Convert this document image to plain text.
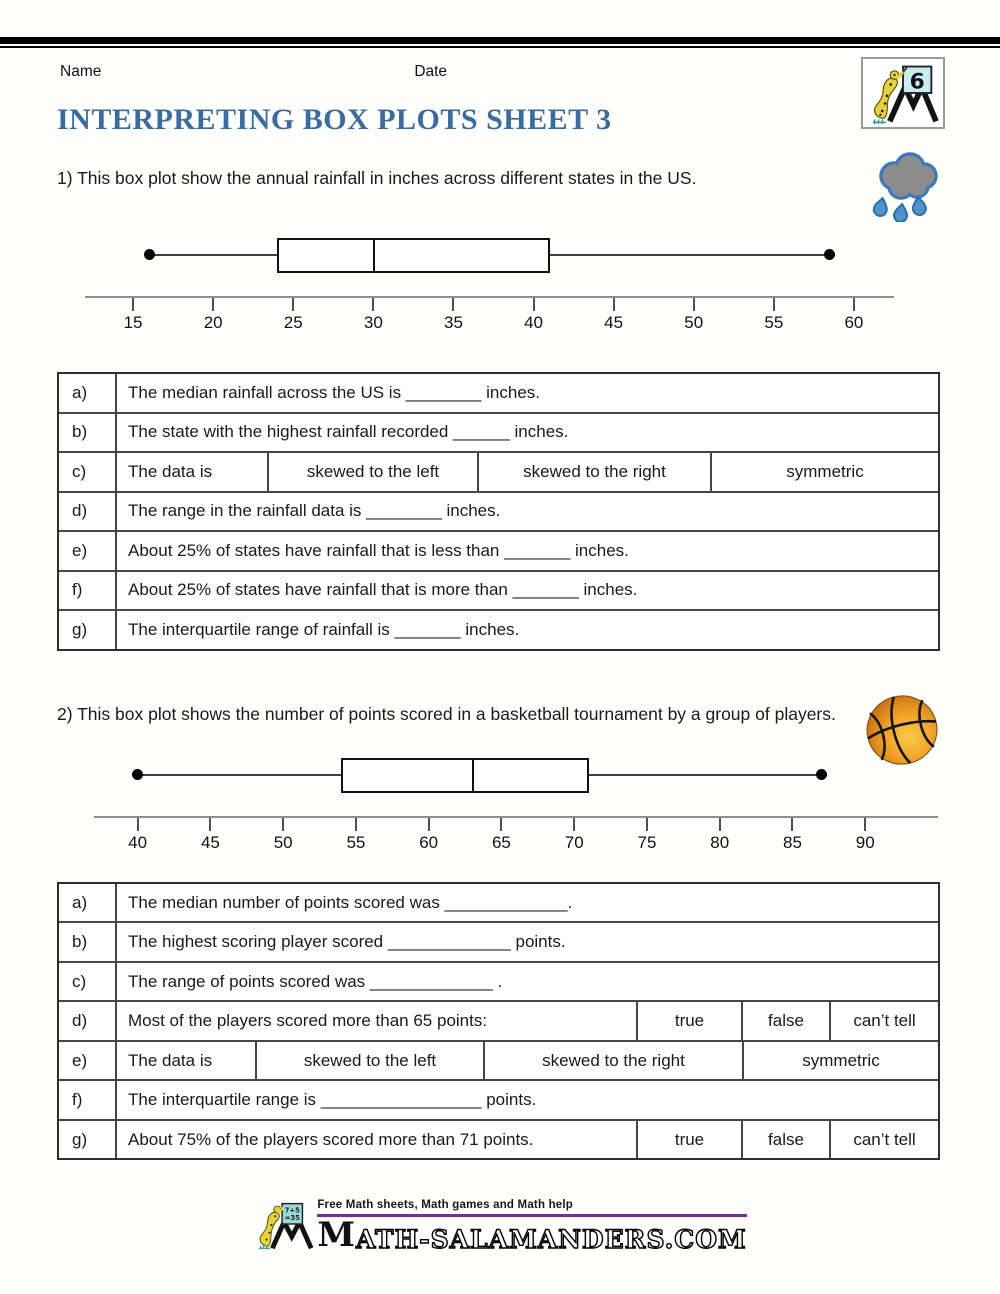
Name	Date	6
INTERPRETING BOX PLOTS SHEET 3
1) This box plot show the annual rainfall in inches across different states in the US.
15	20	25	30	35	40	45	50	55	60
a)	The median rainfall across the US is ________ inches.
b)	The state with the highest rainfall recorded ______ inches.
c)	The data is	skewed to the left	skewed to the right	symmetric
d)	The range in the rainfall data is ________ inches.
e)	About 25% of states have rainfall that is less than _______ inches.
f)	About 25% of states have rainfall that is more than _______ inches.
g)	The interquartile range of rainfall is _______ inches.
2) This box plot shows the number of points scored in a basketball tournament by a group of players.
40	45	50	55	60	65	70	75	80	85	90
a)	The median number of points scored was _____________.
b)	The highest scoring player scored _____________ points.
c)	The range of points scored was _____________ .
d)	Most of the players scored more than 65 points:	true	false	can’t tell
e)	The data is	skewed to the left	skewed to the right	symmetric
f)	The interquartile range is _________________ points.
g)	About 75% of the players scored more than 71 points.	true	false	can’t tell
7+5
=35
Free Math sheets, Math games and Math help
MATH-SALAMANDERS.COM
